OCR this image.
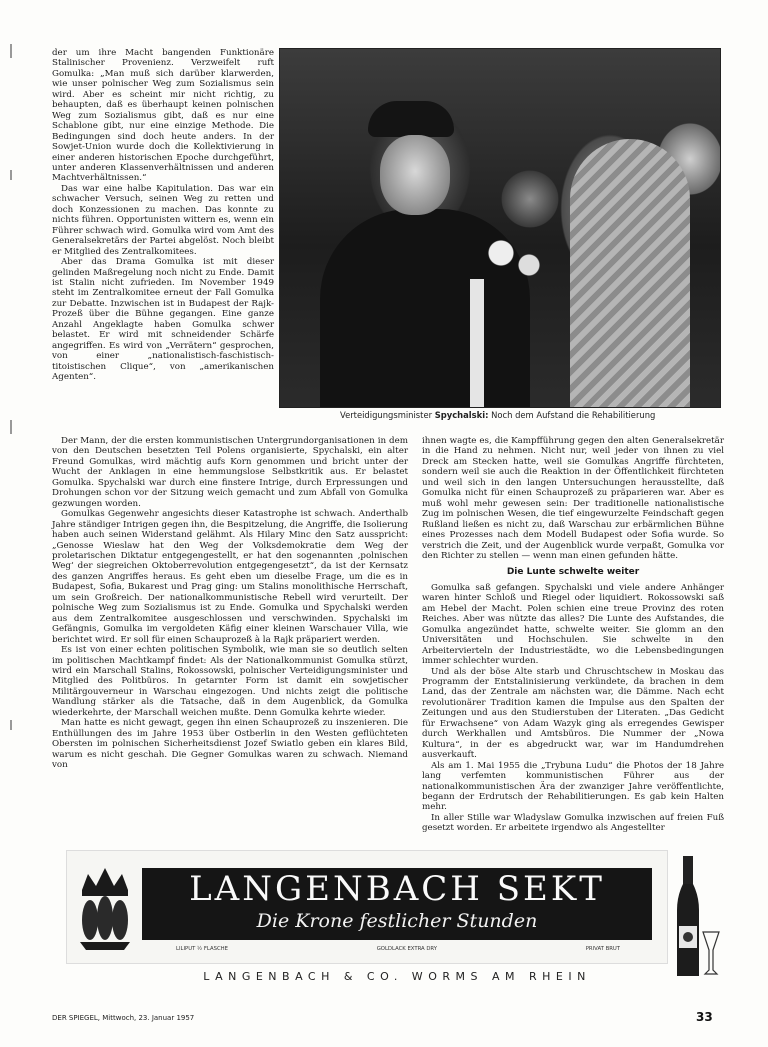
der um ihre Macht bangenden Funktionäre Stalinischer Provenienz. Verzweifelt ruft Gomulka: „Man muß sich darüber klarwerden, wie unser polnischer Weg zum Sozialismus sein wird. Aber es scheint mir nicht richtig, zu behaupten, daß es überhaupt keinen polnischen Weg zum Sozialismus gibt, daß es nur eine Schablone gibt, nur eine einzige Methode. Die Bedingungen sind doch heute anders. In der Sowjet-Union wurde doch die Kollektivierung in einer anderen historischen Epoche durchgeführt, unter anderen Klassenverhältnissen und anderen Machtverhältnissen.“

Das war eine halbe Kapitulation. Das war ein schwacher Versuch, seinen Weg zu retten und doch Konzessionen zu machen. Das konnte zu nichts führen. Opportunisten wittern es, wenn ein Führer schwach wird. Gomulka wird vom Amt des Generalsekretärs der Partei abgelöst. Noch bleibt er Mitglied des Zentralkomitees.

Aber das Drama Gomulka ist mit dieser gelinden Maßregelung noch nicht zu Ende. Damit ist Stalin nicht zufrieden. Im November 1949 steht im Zentralkomitee erneut der Fall Gomulka zur Debatte. Inzwischen ist in Budapest der Rajk-Prozeß über die Bühne gegangen. Eine ganze Anzahl Angeklagte haben Gomulka schwer belastet. Er wird mit schneidender Schärfe angegriffen. Es wird von „Verrätern“ gesprochen, von einer „nationalistisch-faschistisch-titoistischen Clique“, von „amerikanischen Agenten“.

Verteidigungsminister Spychalski: Noch dem Aufstand die Rehabilitierung

Der Mann, der die ersten kommunistischen Untergrundorganisationen in dem von den Deutschen besetzten Teil Polens organisierte, Spychalski, ein alter Freund Gomulkas, wird mächtig aufs Korn genommen und bricht unter der Wucht der Anklagen in eine hemmungslose Selbstkritik aus. Er belastet Gomulka. Spychalski war durch eine finstere Intrige, durch Erpressungen und Drohungen schon vor der Sitzung weich gemacht und zum Abfall von Gomulka gezwungen worden.

Gomulkas Gegenwehr angesichts dieser Katastrophe ist schwach. Anderthalb Jahre ständiger Intrigen gegen ihn, die Bespitzelung, die Angriffe, die Isolierung haben auch seinen Widerstand gelähmt. Als Hilary Minc den Satz ausspricht: „Genosse Wieslaw hat den Weg der Volksdemokratie dem Weg der proletarischen Diktatur entgegengestellt, er hat den sogenannten ‚polnischen Weg‘ der siegreichen Oktoberrevolution entgegengesetzt“, da ist der Kernsatz des ganzen Angriffes heraus. Es geht eben um dieselbe Frage, um die es in Budapest, Sofia, Bukarest und Prag ging: um Stalins monolithische Herrschaft, um sein Großreich. Der nationalkommunistische Rebell wird verurteilt. Der polnische Weg zum Sozialismus ist zu Ende. Gomulka und Spychalski werden aus dem Zentralkomitee ausgeschlossen und verschwinden. Spychalski im Gefängnis, Gomulka im vergoldeten Käfig einer kleinen Warschauer Villa, wie berichtet wird. Er soll für einen Schauprozeß à la Rajk präpariert werden.

Es ist von einer echten politischen Symbolik, wie man sie so deutlich selten im politischen Machtkampf findet: Als der Nationalkommunist Gomulka stürzt, wird ein Marschall Stalins, Rokossowski, polnischer Verteidigungsminister und Mitglied des Politbüros. In getarnter Form ist damit ein sowjetischer Militärgouverneur in Warschau eingezogen. Und nichts zeigt die politische Wandlung stärker als die Tatsache, daß in dem Augenblick, da Gomulka wiederkehrte, der Marschall weichen mußte. Denn Gomulka kehrte wieder.

Man hatte es nicht gewagt, gegen ihn einen Schauprozeß zu inszenieren. Die Enthüllungen des im Jahre 1953 über Ostberlin in den Westen geflüchteten Obersten im polnischen Sicherheitsdienst Jozef Swiatlo geben ein klares Bild, warum es nicht geschah. Die Gegner Gomulkas waren zu schwach. Niemand von

ihnen wagte es, die Kampfführung gegen den alten Generalsekretär in die Hand zu nehmen. Nicht nur, weil jeder von ihnen zu viel Dreck am Stecken hatte, weil sie Gomulkas Angriffe fürchteten, sondern weil sie auch die Reaktion in der Öffentlichkeit fürchteten und weil sich in den langen Untersuchungen herausstellte, daß Gomulka nicht für einen Schauprozeß zu präparieren war. Aber es muß wohl mehr gewesen sein: Der traditionelle nationalistische Zug im polnischen Wesen, die tief eingewurzelte Feindschaft gegen Rußland ließen es nicht zu, daß Warschau zur erbärmlichen Bühne eines Prozesses nach dem Modell Budapest oder Sofia wurde. So verstrich die Zeit, und der Augenblick wurde verpaßt, Gomulka vor den Richter zu stellen — wenn man einen gefunden hätte.

Die Lunte schwelte weiter

Gomulka saß gefangen. Spychalski und viele andere Anhänger waren hinter Schloß und Riegel oder liquidiert. Rokossowski saß am Hebel der Macht. Polen schien eine treue Provinz des roten Reiches. Aber was nützte das alles? Die Lunte des Aufstandes, die Gomulka angezündet hatte, schwelte weiter. Sie glomm an den Universitäten und Hochschulen. Sie schwelte in den Arbeitervierteln der Industriestädte, wo die Lebensbedingungen immer schlechter wurden.

Und als der böse Alte starb und Chruschtschew in Moskau das Programm der Entstalinisierung verkündete, da brachen in dem Land, das der Zentrale am nächsten war, die Dämme. Nach echt revolutionärer Tradition kamen die Impulse aus den Spalten der Zeitungen und aus den Studierstuben der Literaten. „Das Gedicht für Erwachsene“ von Adam Wazyk ging als erregendes Gewisper durch Werkhallen und Amtsbüros. Die Nummer der „Nowa Kultura“, in der es abgedruckt war, war im Handumdrehen ausverkauft.

Als am 1. Mai 1955 die „Trybuna Ludu“ die Photos der 18 Jahre lang verfemten kommunistischen Führer aus der nationalkommunistischen Ära der zwanziger Jahre veröffentlichte, begann der Erdrutsch der Rehabilitierungen. Es gab kein Halten mehr.

In aller Stille war Wladyslaw Gomulka inzwischen auf freien Fuß gesetzt worden. Er arbeitete irgendwo als Angestellter

LANGENBACH SEKT
Die Krone festlicher Stunden
LILIPUT ½ FLASCHE	GOLDLACK EXTRA DRY	PRIVAT BRUT
LANGENBACH & CO. WORMS AM RHEIN
DER SPIEGEL, Mittwoch, 23. Januar 1957	33
